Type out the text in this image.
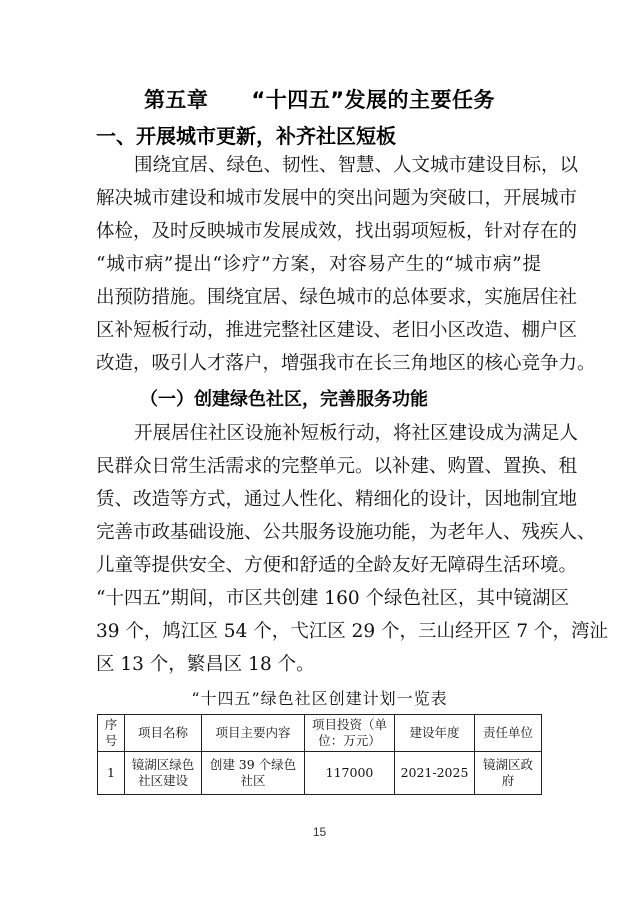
第五章　　“十四五”发展的主要任务
一、开展城市更新，补齐社区短板
围绕宜居、绿色、韧性、智慧、人文城市建设目标，以
解决城市建设和城市发展中的突出问题为突破口，开展城市
体检，及时反映城市发展成效，找出弱项短板，针对存在的
“城市病”提出“诊疗”方案，对容易产生的“城市病”提
出预防措施。围绕宜居、绿色城市的总体要求，实施居住社
区补短板行动，推进完整社区建设、老旧小区改造、棚户区
改造，吸引人才落户，增强我市在长三角地区的核心竞争力。
（一）创建绿色社区，完善服务功能
开展居住社区设施补短板行动，将社区建设成为满足人
民群众日常生活需求的完整单元。以补建、购置、置换、租
赁、改造等方式，通过人性化、精细化的设计，因地制宜地
完善市政基础设施、公共服务设施功能，为老年人、残疾人、
儿童等提供安全、方便和舒适的全龄友好无障碍生活环境。
“十四五”期间，市区共创建 160 个绿色社区，其中镜湖区
39 个，鸠江区 54 个，弋江区 29 个，三山经开区 7 个，湾沚
区 13 个，繁昌区 18 个。
“十四五”绿色社区创建计划一览表
序号	项目名称	项目主要内容	项目投资（单位：万元）	建设年度	责任单位
1	镜湖区绿色社区建设	创建 39 个绿色社区	117000	2021-2025	镜湖区政府
15
